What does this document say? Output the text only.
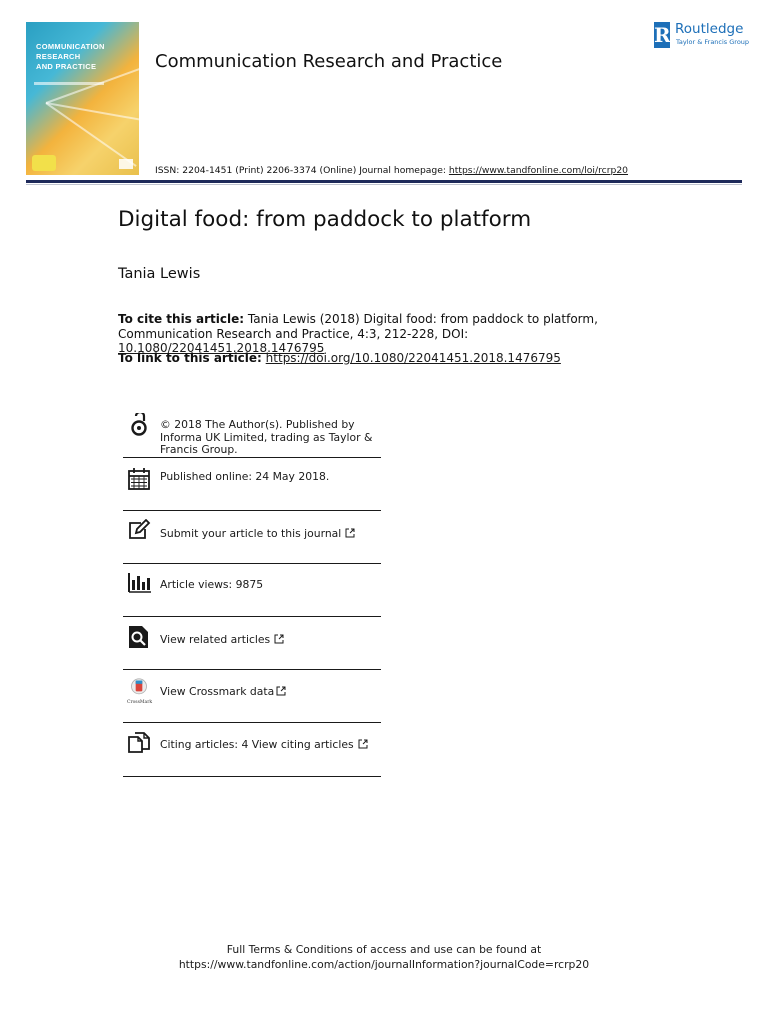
COMMUNICATION
RESEARCH
AND PRACTICE	Communication Research and Practice
R Routledge
Taylor & Francis Group
ISSN: 2204-1451 (Print) 2206-3374 (Online) Journal homepage: https://www.tandfonline.com/loi/rcrp20
Digital food: from paddock to platform
Tania Lewis
To cite this article: Tania Lewis (2018) Digital food: from paddock to platform, Communication Research and Practice, 4:3, 212-228, DOI: 10.1080/22041451.2018.1476795
To link to this article: https://doi.org/10.1080/22041451.2018.1476795
© 2018 The Author(s). Published by Informa UK Limited, trading as Taylor & Francis Group.
Published online: 24 May 2018.
Submit your article to this journal
Article views: 9875
View related articles
CrossMark
View Crossmark data
Citing articles: 4 View citing articles
Full Terms & Conditions of access and use can be found at
https://www.tandfonline.com/action/journalInformation?journalCode=rcrp20
